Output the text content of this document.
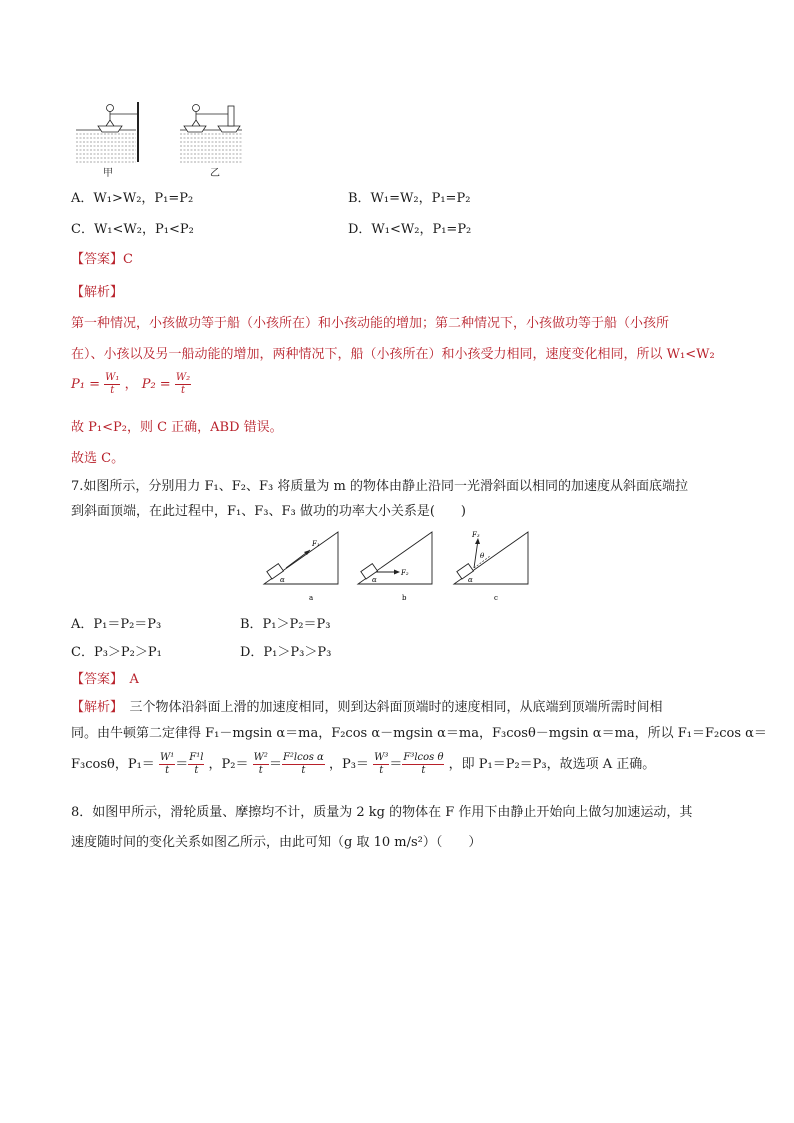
甲	乙
A．W₁>W₂，P₁=P₂	B．W₁=W₂，P₁=P₂
C．W₁<W₂，P₁<P₂	D．W₁<W₂，P₁=P₂
【答案】C
【解析】
第一种情况，小孩做功等于船（小孩所在）和小孩动能的增加；第二种情况下，小孩做功等于船（小孩所
在）、小孩以及另一船动能的增加，两种情况下，船（小孩所在）和小孩受力相同，速度变化相同，所以 W₁<W₂
$P_1 = \frac{\text{W₁}}{t}$ ， $P_2 = \frac{\text{W₂}}{t}$
故 P₁<P₂，则 C 正确，ABD 错误。
故选 C。
7.如图所示，分别用力 F₁、F₂、F₃ 将质量为 m 的物体由静止沿同一光滑斜面以相同的加速度从斜面底端拉
到斜面顶端，在此过程中，F₁、F₃、F₃ 做功的功率大小关系是(　　)
F₁
α
a
F₂
α
b
F₃
θ
α
c
A．P₁＝P₂＝P₃	B．P₁＞P₂＝P₃
C．P₃＞P₂＞P₁	D．P₁＞P₃＞P₃
【答案】　A
【解析】　三个物体沿斜面上滑的加速度相同，则到达斜面顶端时的速度相同，从底端到顶端所需时间相
同。由牛顿第二定律得 F₁－mgsin α＝ma，F₂cos α－mgsin α＝ma，F₃cosθ－mgsin α＝ma，所以 F₁＝F₂cos α＝
F₃cosθ，$P_1= \frac{\text{W¹}}{t} = \frac{\text{F¹l}}{t}$ ，$P_2= \frac{\text{W²}}{t} = \frac{\text{F²lcos α}}{t}$ ，$P_3= \frac{\text{W³}}{t} = \frac{\text{F³lcos θ}}{t}$ ，即 P₁＝P₂＝P₃，故选项 A 正确。
8．如图甲所示，滑轮质量、摩擦均不计，质量为 2 kg 的物体在 F 作用下由静止开始向上做匀加速运动，其
速度随时间的变化关系如图乙所示，由此可知（g 取 10 m/s²）（　　）
